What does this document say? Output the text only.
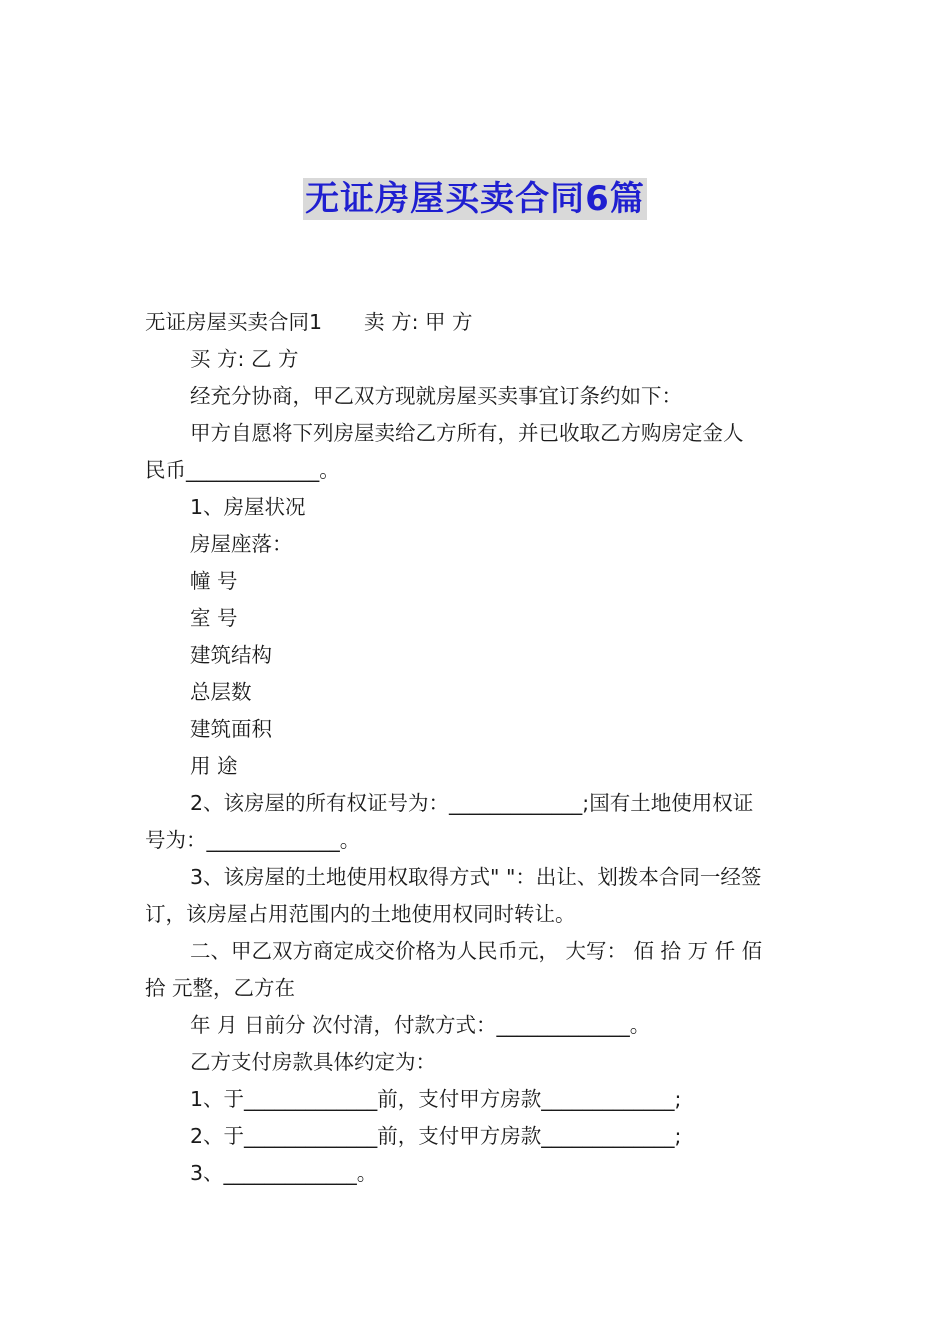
无证房屋买卖合同6篇

无证房屋买卖合同1 卖 方: 甲 方

买 方: 乙 方

经充分协商，甲乙双方现就房屋买卖事宜订条约如下：

甲方自愿将下列房屋卖给乙方所有，并已收取乙方购房定金人

民币_____________。

1、房屋状况

房屋座落：

幢 号

室 号

建筑结构

总层数

建筑面积

用 途

2、该房屋的所有权证号为：_____________;国有土地使用权证

号为：_____________。

3、该房屋的土地使用权取得方式" "：出让、划拨本合同一经签

订，该房屋占用范围内的土地使用权同时转让。

二、甲乙双方商定成交价格为人民币元， 大写： 佰 拾 万 仟 佰

拾 元整，乙方在

年 月 日前分 次付清，付款方式：_____________。

乙方支付房款具体约定为：

1、于_____________前，支付甲方房款_____________;

2、于_____________前，支付甲方房款_____________;

3、_____________。
